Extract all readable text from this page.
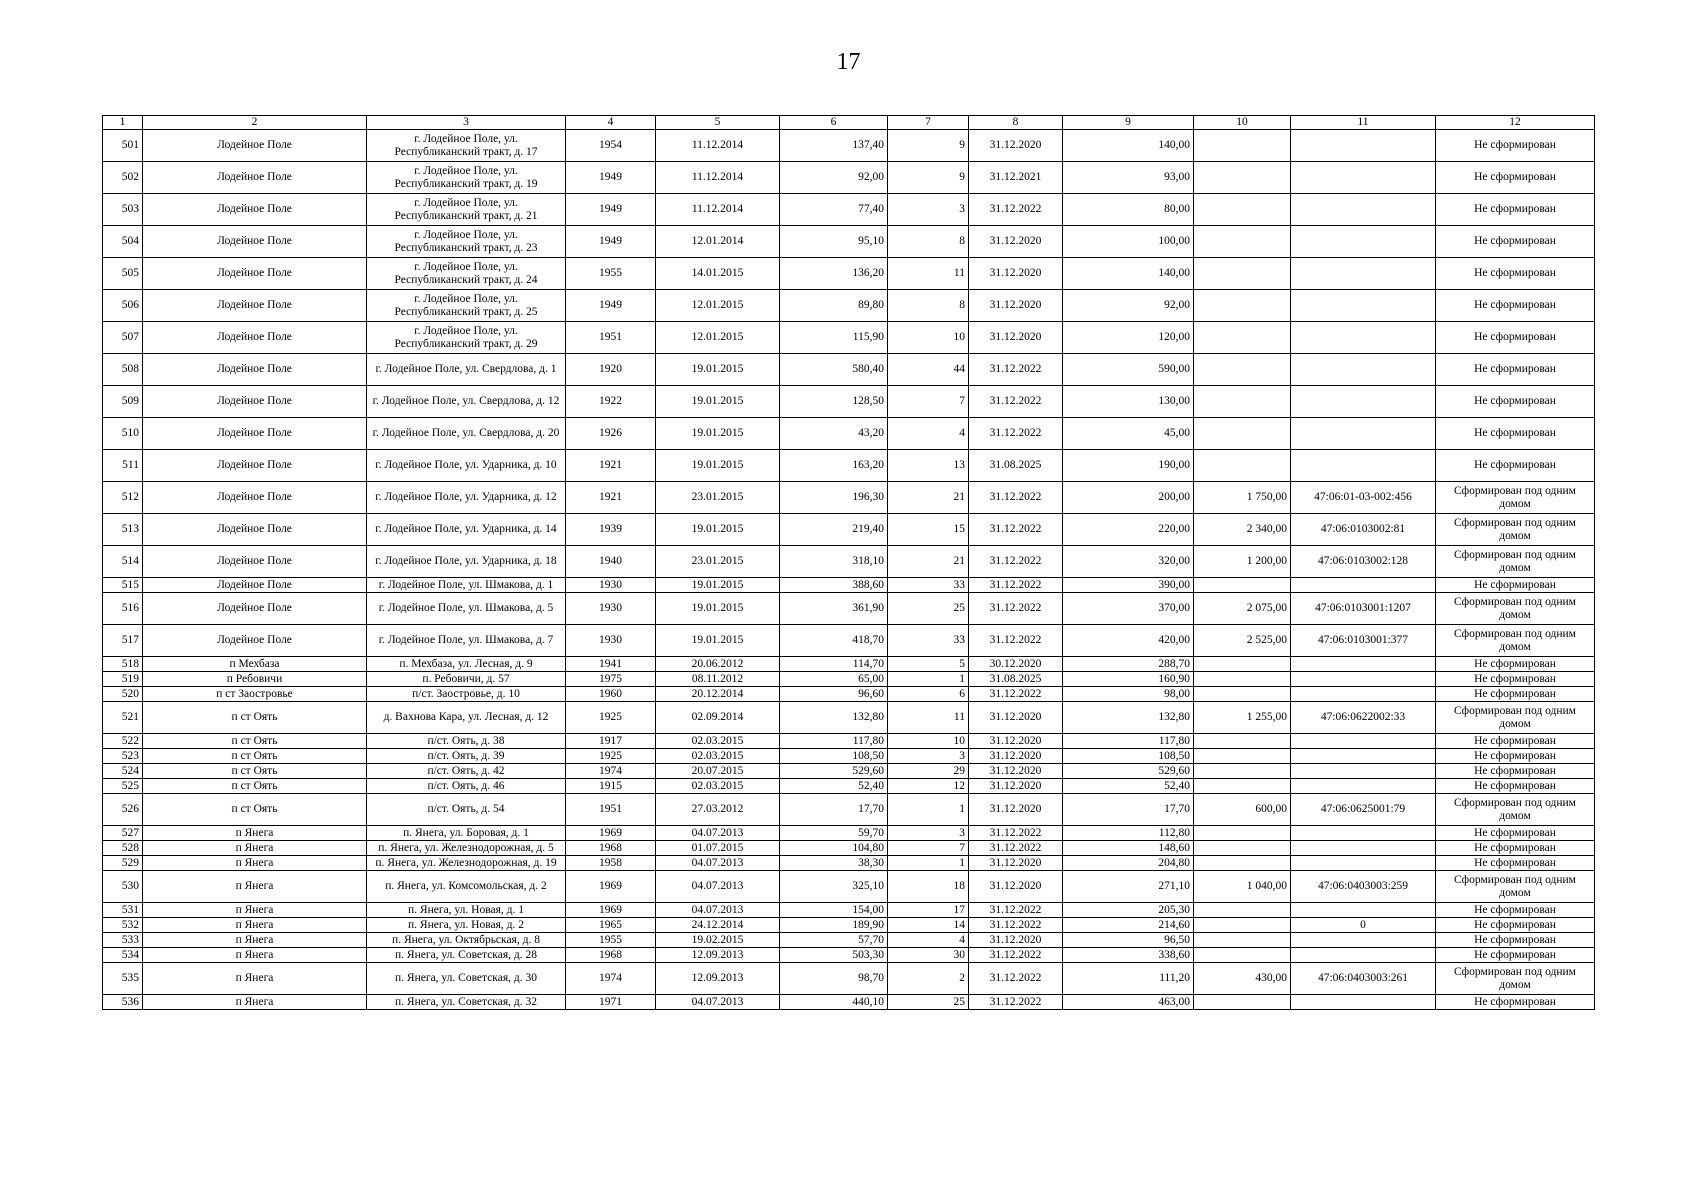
17
1	2	3	4	5	6	7	8	9	10	11	12
501	Лодейное Поле	г. Лодейное Поле, ул. Республиканский тракт, д. 17	1954	11.12.2014	137,40	9	31.12.2020	140,00			Не сформирован
502	Лодейное Поле	г. Лодейное Поле, ул. Республиканский тракт, д. 19	1949	11.12.2014	92,00	9	31.12.2021	93,00			Не сформирован
503	Лодейное Поле	г. Лодейное Поле, ул. Республиканский тракт, д. 21	1949	11.12.2014	77,40	3	31.12.2022	80,00			Не сформирован
504	Лодейное Поле	г. Лодейное Поле, ул. Республиканский тракт, д. 23	1949	12.01.2014	95,10	8	31.12.2020	100,00			Не сформирован
505	Лодейное Поле	г. Лодейное Поле, ул. Республиканский тракт, д. 24	1955	14.01.2015	136,20	11	31.12.2020	140,00			Не сформирован
506	Лодейное Поле	г. Лодейное Поле, ул. Республиканский тракт, д. 25	1949	12.01.2015	89,80	8	31.12.2020	92,00			Не сформирован
507	Лодейное Поле	г. Лодейное Поле, ул. Республиканский тракт, д. 29	1951	12.01.2015	115,90	10	31.12.2020	120,00			Не сформирован
508	Лодейное Поле	г. Лодейное Поле, ул. Свердлова, д. 1	1920	19.01.2015	580,40	44	31.12.2022	590,00			Не сформирован
509	Лодейное Поле	г. Лодейное Поле, ул. Свердлова, д. 12	1922	19.01.2015	128,50	7	31.12.2022	130,00			Не сформирован
510	Лодейное Поле	г. Лодейное Поле, ул. Свердлова, д. 20	1926	19.01.2015	43,20	4	31.12.2022	45,00			Не сформирован
511	Лодейное Поле	г. Лодейное Поле, ул. Ударника, д. 10	1921	19.01.2015	163,20	13	31.08.2025	190,00			Не сформирован
512	Лодейное Поле	г. Лодейное Поле, ул. Ударника, д. 12	1921	23.01.2015	196,30	21	31.12.2022	200,00	1 750,00	47:06:01-03-002:456	Сформирован под одним домом
513	Лодейное Поле	г. Лодейное Поле, ул. Ударника, д. 14	1939	19.01.2015	219,40	15	31.12.2022	220,00	2 340,00	47:06:0103002:81	Сформирован под одним домом
514	Лодейное Поле	г. Лодейное Поле, ул. Ударника, д. 18	1940	23.01.2015	318,10	21	31.12.2022	320,00	1 200,00	47:06:0103002:128	Сформирован под одним домом
515	Лодейное Поле	г. Лодейное Поле, ул. Шмакова, д. 1	1930	19.01.2015	388,60	33	31.12.2022	390,00			Не сформирован
516	Лодейное Поле	г. Лодейное Поле, ул. Шмакова, д. 5	1930	19.01.2015	361,90	25	31.12.2022	370,00	2 075,00	47:06:0103001:1207	Сформирован под одним домом
517	Лодейное Поле	г. Лодейное Поле, ул. Шмакова, д. 7	1930	19.01.2015	418,70	33	31.12.2022	420,00	2 525,00	47:06:0103001:377	Сформирован под одним домом
518	п Мехбаза	п. Мехбаза, ул. Лесная, д. 9	1941	20.06.2012	114,70	5	30.12.2020	288,70			Не сформирован
519	п Ребовичи	п. Ребовичи, д. 57	1975	08.11.2012	65,00	1	31.08.2025	160,90			Не сформирован
520	п ст Заостровье	п/ст. Заостровье, д. 10	1960	20.12.2014	96,60	6	31.12.2022	98,00			Не сформирован
521	п ст Оять	д. Вахнова Кара, ул. Лесная, д. 12	1925	02.09.2014	132,80	11	31.12.2020	132,80	1 255,00	47:06:0622002:33	Сформирован под одним домом
522	п ст Оять	п/ст. Оять, д. 38	1917	02.03.2015	117,80	10	31.12.2020	117,80			Не сформирован
523	п ст Оять	п/ст. Оять, д. 39	1925	02.03.2015	108,50	3	31.12.2020	108,50			Не сформирован
524	п ст Оять	п/ст. Оять, д. 42	1974	20.07.2015	529,60	29	31.12.2020	529,60			Не сформирован
525	п ст Оять	п/ст. Оять, д. 46	1915	02.03.2015	52,40	12	31.12.2020	52,40			Не сформирован
526	п ст Оять	п/ст. Оять, д. 54	1951	27.03.2012	17,70	1	31.12.2020	17,70	600,00	47:06:0625001:79	Сформирован под одним домом
527	п Янега	п. Янега, ул. Боровая, д. 1	1969	04.07.2013	59,70	3	31.12.2022	112,80			Не сформирован
528	п Янега	п. Янега, ул. Железнодорожная, д. 5	1968	01.07.2015	104,80	7	31.12.2022	148,60			Не сформирован
529	п Янега	п. Янега, ул. Железнодорожная, д. 19	1958	04.07.2013	38,30	1	31.12.2020	204,80			Не сформирован
530	п Янега	п. Янега, ул. Комсомольская, д. 2	1969	04.07.2013	325,10	18	31.12.2020	271,10	1 040,00	47:06:0403003:259	Сформирован под одним домом
531	п Янега	п. Янега, ул. Новая, д. 1	1969	04.07.2013	154,00	17	31.12.2022	205,30			Не сформирован
532	п Янега	п. Янега, ул. Новая, д. 2	1965	24.12.2014	189,90	14	31.12.2022	214,60		0	Не сформирован
533	п Янега	п. Янега, ул. Октябрьская, д. 8	1955	19.02.2015	57,70	4	31.12.2020	96,50			Не сформирован
534	п Янега	п. Янега, ул. Советская, д. 28	1968	12.09.2013	503,30	30	31.12.2022	338,60			Не сформирован
535	п Янега	п. Янега, ул. Советская, д. 30	1974	12.09.2013	98,70	2	31.12.2022	111,20	430,00	47:06:0403003:261	Сформирован под одним домом
536	п Янега	п. Янега, ул. Советская, д. 32	1971	04.07.2013	440,10	25	31.12.2022	463,00			Не сформирован
